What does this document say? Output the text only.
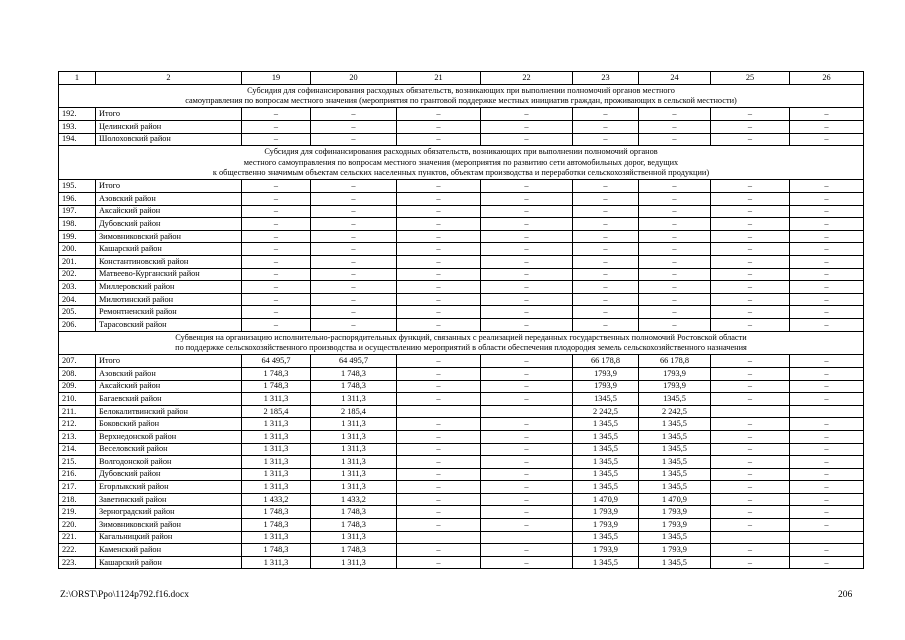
1	2	19	20	21	22	23	24	25	26

Субсидия для софинансирования расходных обязательств, возникающих при выполнении полномочий органов местного
самоуправления по вопросам местного значения (мероприятия по грантовой поддержке местных инициатив граждан, проживающих в сельской местности)									

192.	Итого	–	–	–	–	–	–	–	–
193.	Целинский район	–	–	–	–	–	–	–	–
194.	Шолоховский район	–	–	–	–	–	–	–	–

Субсидия для софинансирования расходных обязательств, возникающих при выполнении полномочий органов
местного самоуправления по вопросам местного значения (мероприятия по развитию сети автомобильных дорог, ведущих
к общественно значимым объектам сельских населенных пунктов, объектам производства и переработки сельскохозяйственной продукции)									

195.	Итого	–	–	–	–	–	–	–	–
196.	Азовский район	–	–	–	–	–	–	–	–
197.	Аксайский район	–	–	–	–	–	–	–	–
198.	Дубовский район	–	–	–	–	–	–	–	–
199.	Зимовниковский район	–	–	–	–	–	–	–	–
200.	Кашарский район	–	–	–	–	–	–	–	–
201.	Константиновский район	–	–	–	–	–	–	–	–
202.	Матвеево-Курганский район	–	–	–	–	–	–	–	–
203.	Миллеровский район	–	–	–	–	–	–	–	–
204.	Милютинский район	–	–	–	–	–	–	–	–
205.	Ремонтненский район	–	–	–	–	–	–	–	–
206.	Тарасовский район	–	–	–	–	–	–	–	–

Субвенция на организацию исполнительно-распорядительных функций, связанных с реализацией переданных государственных полномочий Ростовской области
по поддержке сельскохозяйственного производства и осуществлению мероприятий в области обеспечения плодородия земель сельскохозяйственного назначения									

207.	Итого	64 495,7	64 495,7	–	–	66 178,8	66 178,8	–	–
208.	Азовский район	1 748,3	1 748,3	–	–	1793,9	1793,9	–	–
209.	Аксайский район	1 748,3	1 748,3	–	–	1793,9	1793,9	–	–
210.	Багаевский район	1 311,3	1 311,3	–	–	1345,5	1345,5	–	–
211.	Белокалитвинский район	2 185,4	2 185,4			2 242,5	2 242,5		
212.	Боковский район	1 311,3	1 311,3	–	–	1 345,5	1 345,5	–	–
213.	Верхнедонской район	1 311,3	1 311,3	–	–	1 345,5	1 345,5	–	–
214.	Веселовский район	1 311,3	1 311,3	–	–	1 345,5	1 345,5	–	–
215.	Волгодонской район	1 311,3	1 311,3	–	–	1 345,5	1 345,5	–	–
216.	Дубовский район	1 311,3	1 311,3	–	–	1 345,5	1 345,5	–	–
217.	Егорлыкский район	1 311,3	1 311,3	–	–	1 345,5	1 345,5	–	–
218.	Заветинский район	1 433,2	1 433,2	–	–	1 470,9	1 470,9	–	–
219.	Зерноградский район	1 748,3	1 748,3	–	–	1 793,9	1 793,9	–	–
220.	Зимовниковский район	1 748,3	1 748,3	–	–	1 793,9	1 793,9	–	–
221.	Кагальницкий район	1 311,3	1 311,3			1 345,5	1 345,5		
222.	Каменский район	1 748,3	1 748,3	–	–	1 793,9	1 793,9	–	–
223.	Кашарский район	1 311,3	1 311,3	–	–	1 345,5	1 345,5	–	–
Z:\ORST\Ppo\1124p792.f16.docx	206
